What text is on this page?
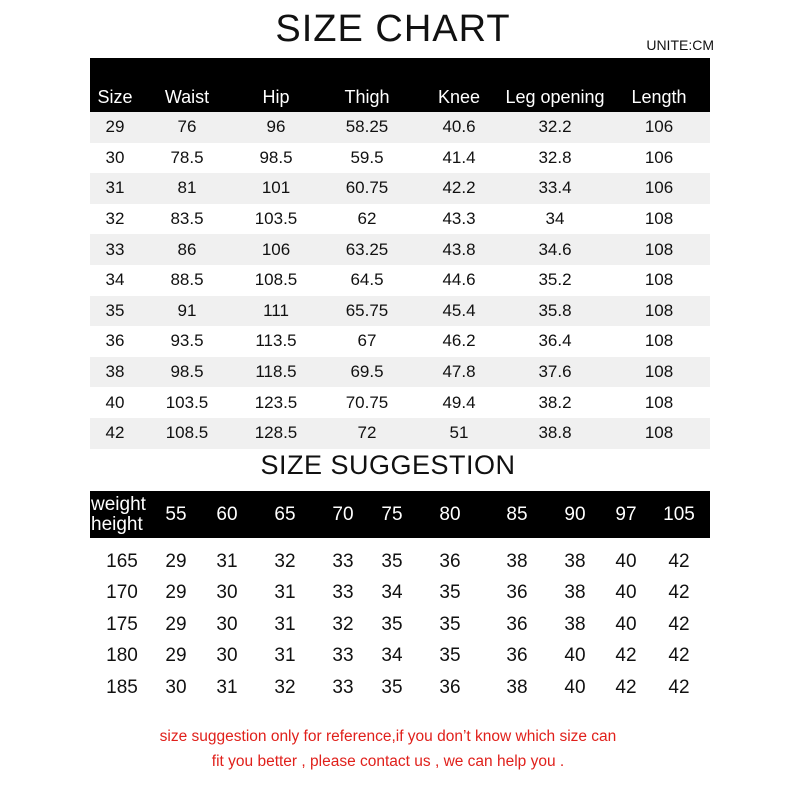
SIZE CHART	UNITE:CM
Size	Waist	Hip	Thigh	Knee	Leg opening	Length
29	76	96	58.25	40.6	32.2	106
30	78.5	98.5	59.5	41.4	32.8	106
31	81	101	60.75	42.2	33.4	106
32	83.5	103.5	62	43.3	34	108
33	86	106	63.25	43.8	34.6	108
34	88.5	108.5	64.5	44.6	35.2	108
35	91	111	65.75	45.4	35.8	108
36	93.5	113.5	67	46.2	36.4	108
38	98.5	118.5	69.5	47.8	37.6	108
40	103.5	123.5	70.75	49.4	38.2	108
42	108.5	128.5	72	51	38.8	108
SIZE SUGGESTION
weight
height	55	60	65	70	75	80	85	90	97	105
165	29	31	32	33	35	36	38	38	40	42
170	29	30	31	33	34	35	36	38	40	42
175	29	30	31	32	35	35	36	38	40	42
180	29	30	31	33	34	35	36	40	42	42
185	30	31	32	33	35	36	38	40	42	42
size suggestion only for reference,if you don’t know which size can
fit you better , please contact us , we can help you .
